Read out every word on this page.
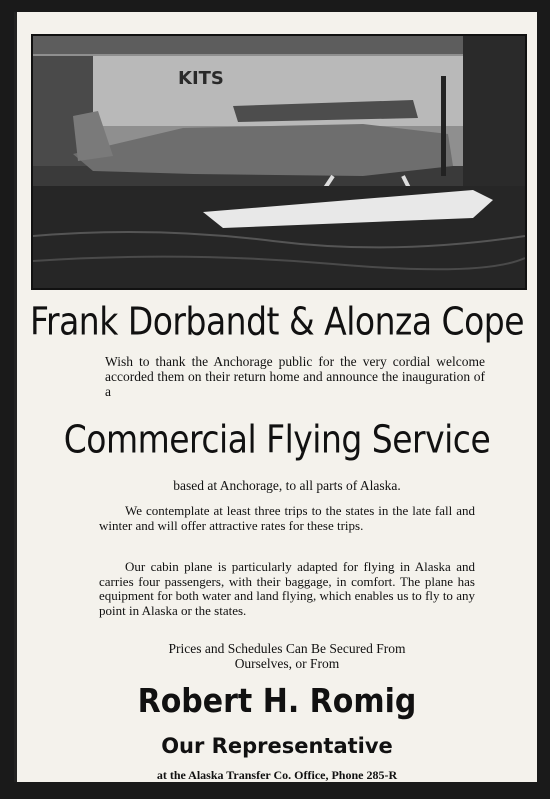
KITS
Frank Dorbandt & Alonza Cope
Wish to thank the Anchorage public for the very cordial welcome accorded them on their return home and announce the inauguration of a
Commercial Flying Service
based at Anchorage, to all parts of Alaska.
We contemplate at least three trips to the states in the late fall and winter and will offer attractive rates for these trips.
Our cabin plane is particularly adapted for flying in Alaska and carries four passengers, with their baggage, in comfort. The plane has equipment for both water and land flying, which enables us to fly to any point in Alaska or the states.
Prices and Schedules Can Be Secured From
Ourselves, or From
Robert H. Romig
Our Representative
at the Alaska Transfer Co. Office, Phone 285-R
